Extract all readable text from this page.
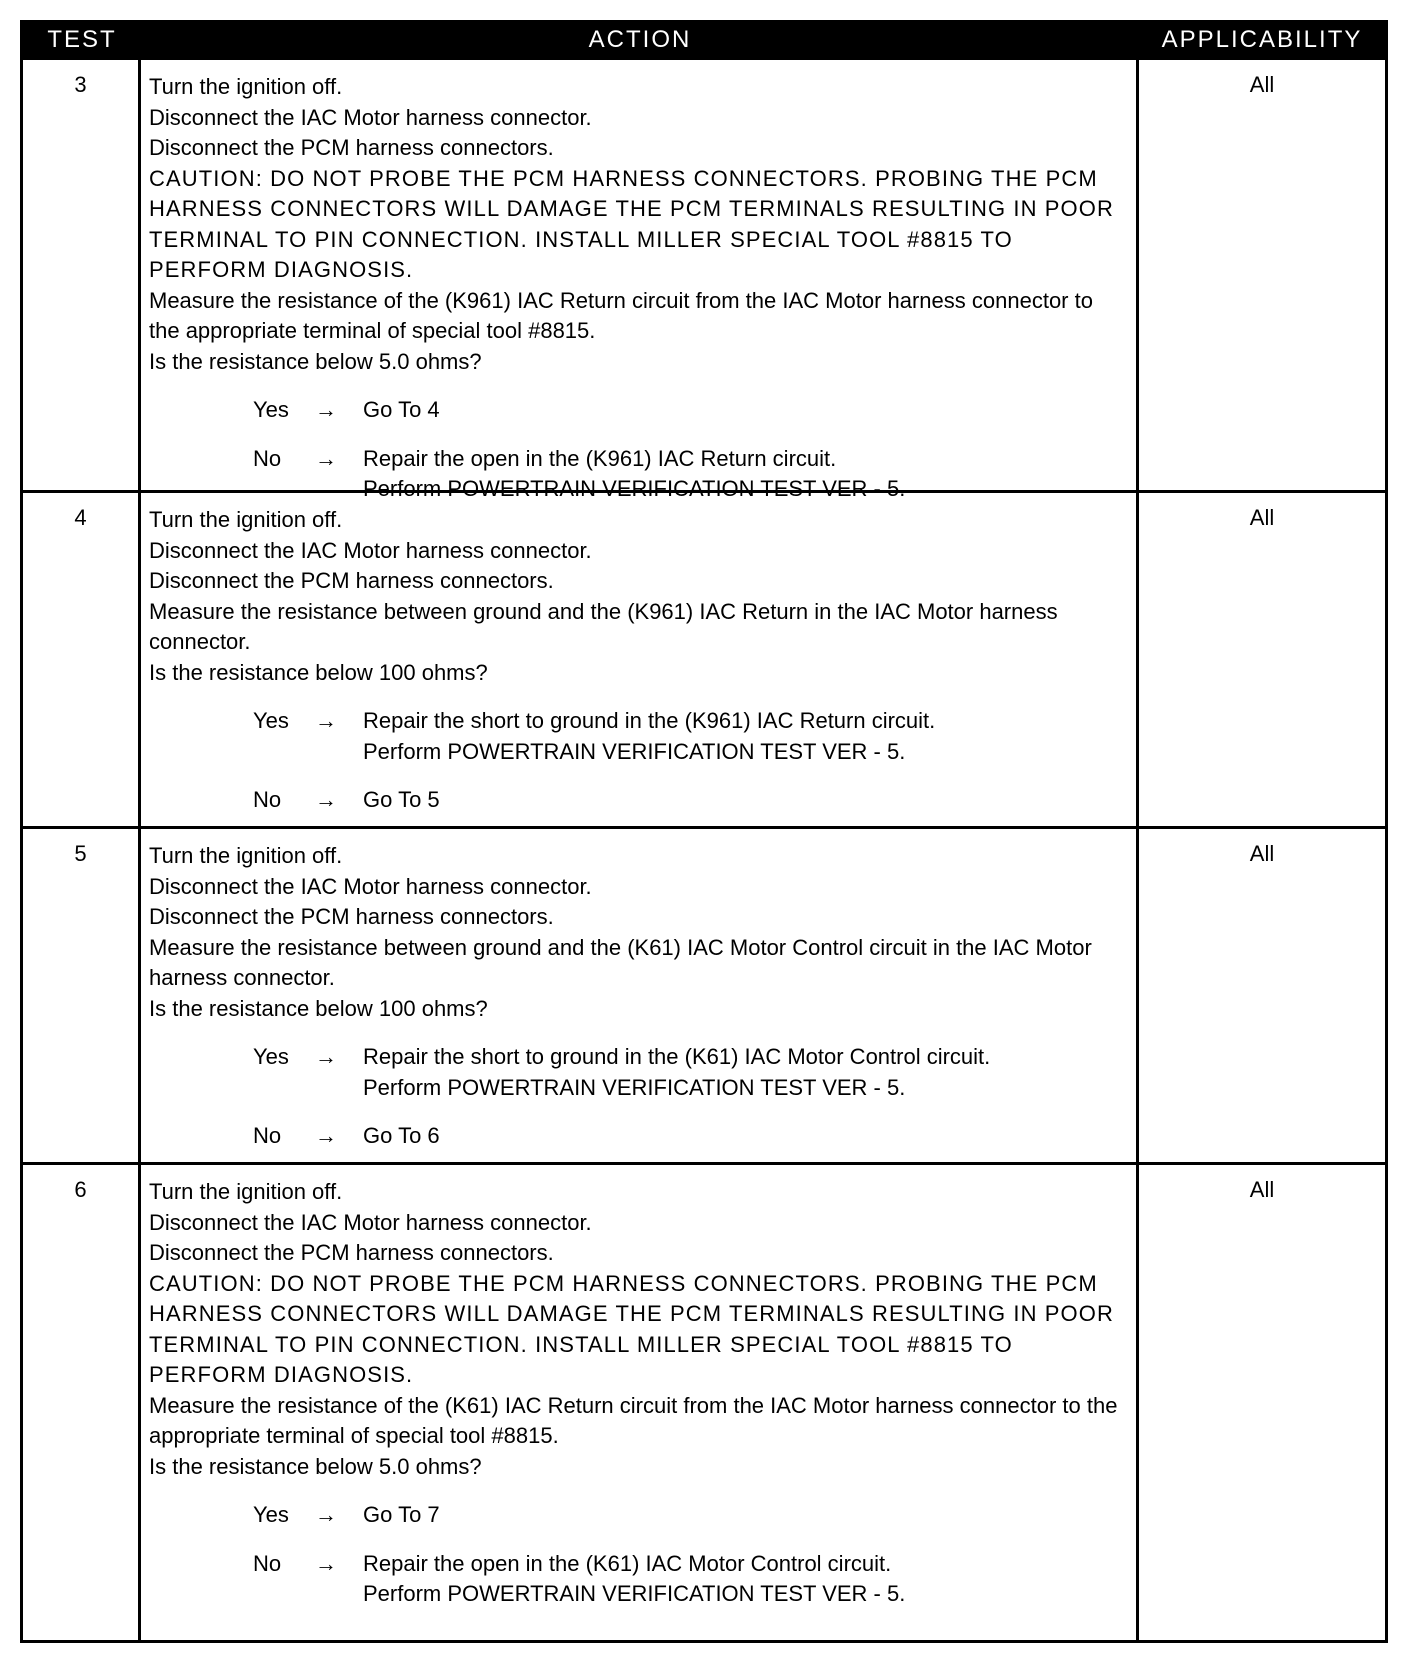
TEST	ACTION	APPLICABILITY
3	Turn the ignition off.
Disconnect the IAC Motor harness connector.
Disconnect the PCM harness connectors.
CAUTION: DO NOT PROBE THE PCM HARNESS CONNECTORS. PROBING THE PCM HARNESS CONNECTORS WILL DAMAGE THE PCM TERMINALS RESULTING IN POOR TERMINAL TO PIN CONNECTION. INSTALL MILLER SPECIAL TOOL #8815 TO PERFORM DIAGNOSIS.
Measure the resistance of the (K961) IAC Return circuit from the IAC Motor harness connector to the appropriate terminal of special tool #8815.
Is the resistance below 5.0 ohms?
Yes	→	Go To 4
No	→	Repair the open in the (K961) IAC Return circuit.
Perform POWERTRAIN VERIFICATION TEST VER - 5.
All
4	Turn the ignition off.
Disconnect the IAC Motor harness connector.
Disconnect the PCM harness connectors.
Measure the resistance between ground and the (K961) IAC Return in the IAC Motor harness connector.
Is the resistance below 100 ohms?
Yes	→	Repair the short to ground in the (K961) IAC Return circuit.
Perform POWERTRAIN VERIFICATION TEST VER - 5.
No	→	Go To 5
All
5	Turn the ignition off.
Disconnect the IAC Motor harness connector.
Disconnect the PCM harness connectors.
Measure the resistance between ground and the (K61) IAC Motor Control circuit in the IAC Motor harness connector.
Is the resistance below 100 ohms?
Yes	→	Repair the short to ground in the (K61) IAC Motor Control circuit.
Perform POWERTRAIN VERIFICATION TEST VER - 5.
No	→	Go To 6
All
6	Turn the ignition off.
Disconnect the IAC Motor harness connector.
Disconnect the PCM harness connectors.
CAUTION: DO NOT PROBE THE PCM HARNESS CONNECTORS. PROBING THE PCM HARNESS CONNECTORS WILL DAMAGE THE PCM TERMINALS RESULTING IN POOR TERMINAL TO PIN CONNECTION. INSTALL MILLER SPECIAL TOOL #8815 TO PERFORM DIAGNOSIS.
Measure the resistance of the (K61) IAC Return circuit from the IAC Motor harness connector to the appropriate terminal of special tool #8815.
Is the resistance below 5.0 ohms?
Yes	→	Go To 7
No	→	Repair the open in the (K61) IAC Motor Control circuit.
Perform POWERTRAIN VERIFICATION TEST VER - 5.
All
